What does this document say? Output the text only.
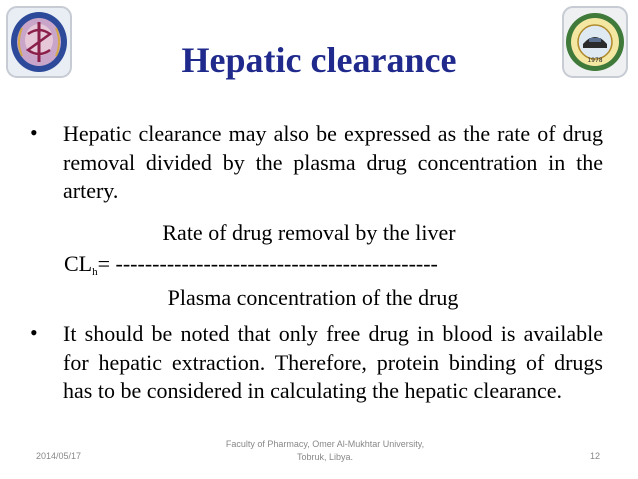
1978
Hepatic clearance
• Hepatic clearance may also be expressed as the rate of drug removal divided by the plasma drug concentration in the artery.
Rate of drug removal by the liver
$CL_h=$ --------------------------------------------
Plasma concentration of the drug
• It should be noted that only free drug in blood is available for hepatic extraction. Therefore, protein binding of drugs has to be considered in calculating the hepatic clearance.
2014/05/17
Faculty of Pharmacy, Omer Al-Mukhtar University,
Tobruk, Libya.	12
